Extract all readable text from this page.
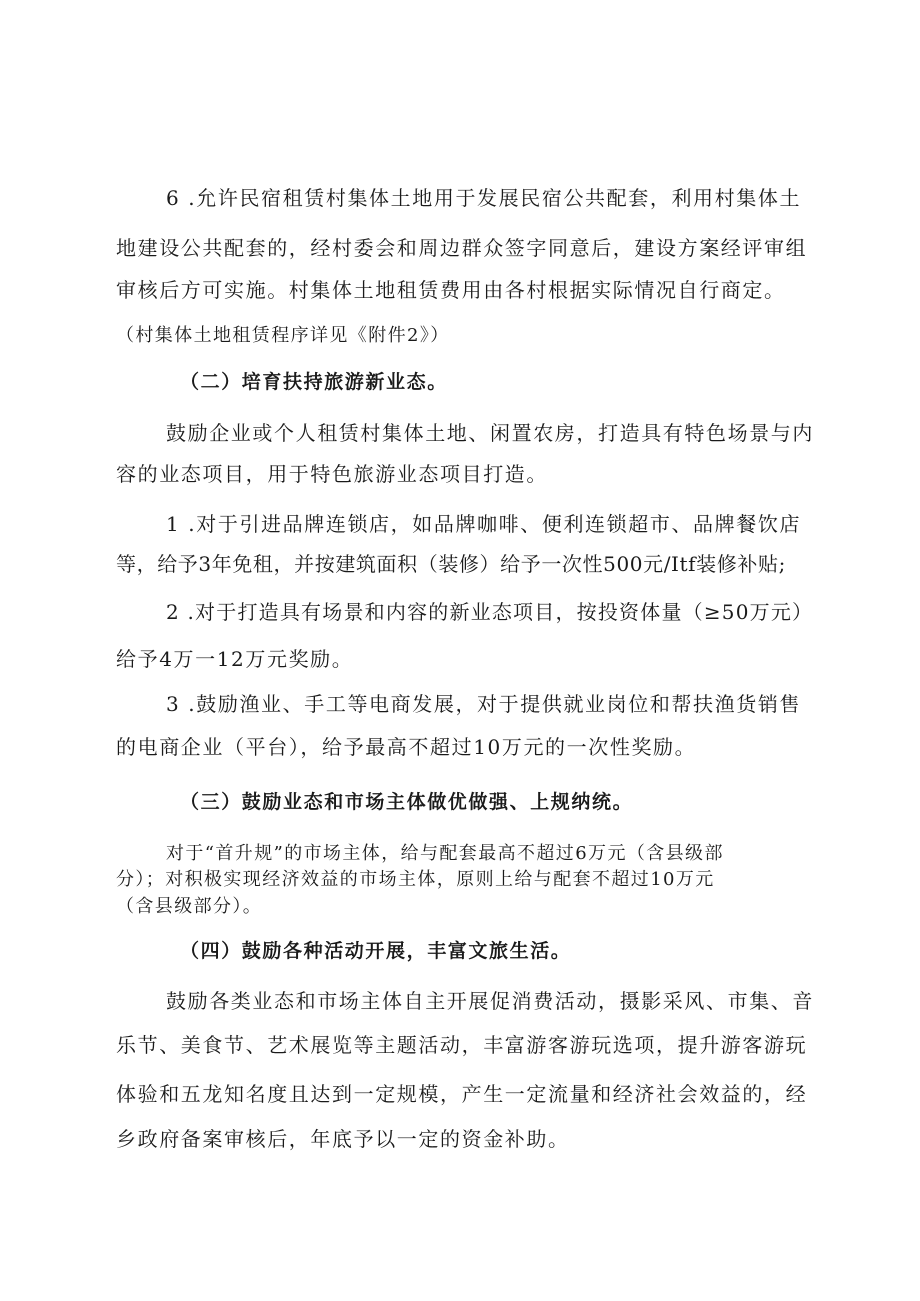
6 .允许民宿租赁村集体土地用于发展民宿公共配套，利用村集体土
地建设公共配套的，经村委会和周边群众签字同意后，建设方案经评审组
审核后方可实施。村集体土地租赁费用由各村根据实际情况自行商定。
（村集体土地租赁程序详见《附件2》）
（二）培育扶持旅游新业态。
鼓励企业或个人租赁村集体土地、闲置农房，打造具有特色场景与内
容的业态项目，用于特色旅游业态项目打造。
1 .对于引进品牌连锁店，如品牌咖啡、便利连锁超市、品牌餐饮店
等，给予3年免租，并按建筑面积（装修）给予一次性500元/Itf装修补贴;
2 .对于打造具有场景和内容的新业态项目，按投资体量（≥50万元）
给予4万一12万元奖励。
3 .鼓励渔业、手工等电商发展，对于提供就业岗位和帮扶渔货销售
的电商企业（平台），给予最高不超过10万元的一次性奖励。
（三）鼓励业态和市场主体做优做强、上规纳统。
对于“首升规”的市场主体，给与配套最高不超过6万元（含县级部
分）；对积极实现经济效益的市场主体，原则上给与配套不超过10万元
（含县级部分）。
（四）鼓励各种活动开展，丰富文旅生活。
鼓励各类业态和市场主体自主开展促消费活动，摄影采风、市集、音
乐节、美食节、艺术展览等主题活动，丰富游客游玩选项，提升游客游玩
体验和五龙知名度且达到一定规模，产生一定流量和经济社会效益的，经
乡政府备案审核后，年底予以一定的资金补助。
